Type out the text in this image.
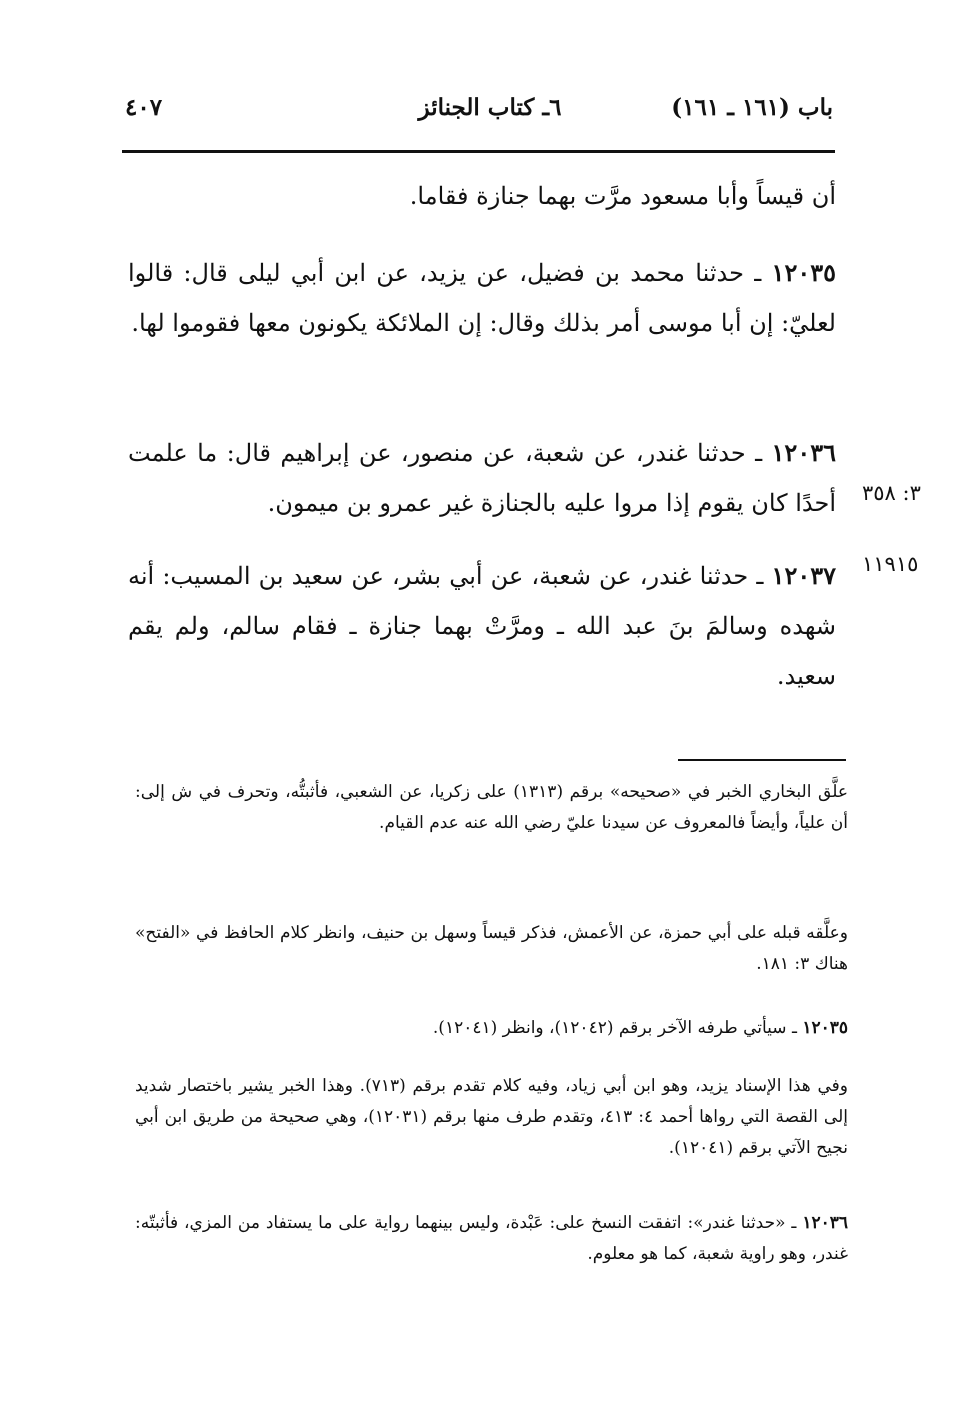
باب (١٦١ ـ ١٦١)
٦ـ كتاب الجنائز
٤٠٧
أن قيساً وأبا مسعود مرَّت بهما جنازة فقاما.
١٢٠٣٥ ـ حدثنا محمد بن فضيل، عن يزيد، عن ابن أبي ليلى قال: قالوا لعليّ: إن أبا موسى أمر بذلك وقال: إن الملائكة يكونون معها فقوموا لها.
١٢٠٣٦ ـ حدثنا غندر، عن شعبة، عن منصور، عن إبراهيم قال: ما علمت أحدًا كان يقوم إذا مروا عليه بالجنازة غير عمرو بن ميمون. ٣: ٣٥٨
١٢٠٣٧ ـ حدثنا غندر، عن شعبة، عن أبي بشر، عن سعيد بن المسيب: أنه شهده وسالمَ بنَ عبد الله ـ ومرَّتْ بهما جنازة ـ فقام سالم، ولم يقم سعيد.
١١٩١٥
علَّق البخاري الخبر في «صحيحه» برقم (١٣١٣) على زكريا، عن الشعبي، فأثبتُّه، وتحرف في ش إلى: أن علياً، وأيضاً فالمعروف عن سيدنا عليّ رضي الله عنه عدم القيام.
وعلَّقه قبله على أبي حمزة، عن الأعمش، فذكر قيساً وسهل بن حنيف، وانظر كلام الحافظ في «الفتح» هناك ٣: ١٨١.
١٢٠٣٥ ـ سيأتي طرفه الآخر برقم (١٢٠٤٢)، وانظر (١٢٠٤١).
وفي هذا الإسناد يزيد، وهو ابن أبي زياد، وفيه كلام تقدم برقم (٧١٣). وهذا الخبر يشير باختصار شديد إلى القصة التي رواها أحمد ٤: ٤١٣، وتقدم طرف منها برقم (١٢٠٣١)، وهي صحيحة من طريق ابن أبي نجيح الآتي برقم (١٢٠٤١).
١٢٠٣٦ ـ «حدثنا غندر»: اتفقت النسخ على: عَبْدة، وليس بينهما رواية على ما يستفاد من المزي، فأثبتّه: غندر، وهو راوية شعبة، كما هو معلوم.
